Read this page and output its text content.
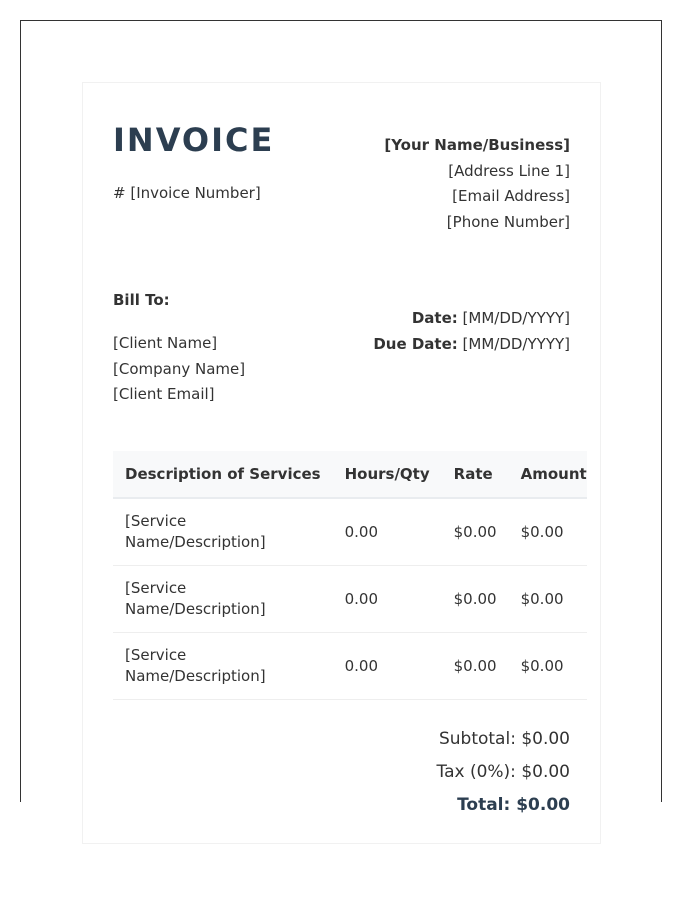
INVOICE
# [Invoice Number]
[Your Name/Business]
[Address Line 1]
[Email Address]
[Phone Number]
Bill To:
[Client Name]
[Company Name]
[Client Email]
Date: [MM/DD/YYYY]
Due Date: [MM/DD/YYYY]
Description of Services	Hours/Qty	Rate	Amount
[Service Name/Description]	0.00	$0.00	$0.00
[Service Name/Description]	0.00	$0.00	$0.00
[Service Name/Description]	0.00	$0.00	$0.00
Subtotal: $0.00
Tax (0%): $0.00
Total: $0.00
